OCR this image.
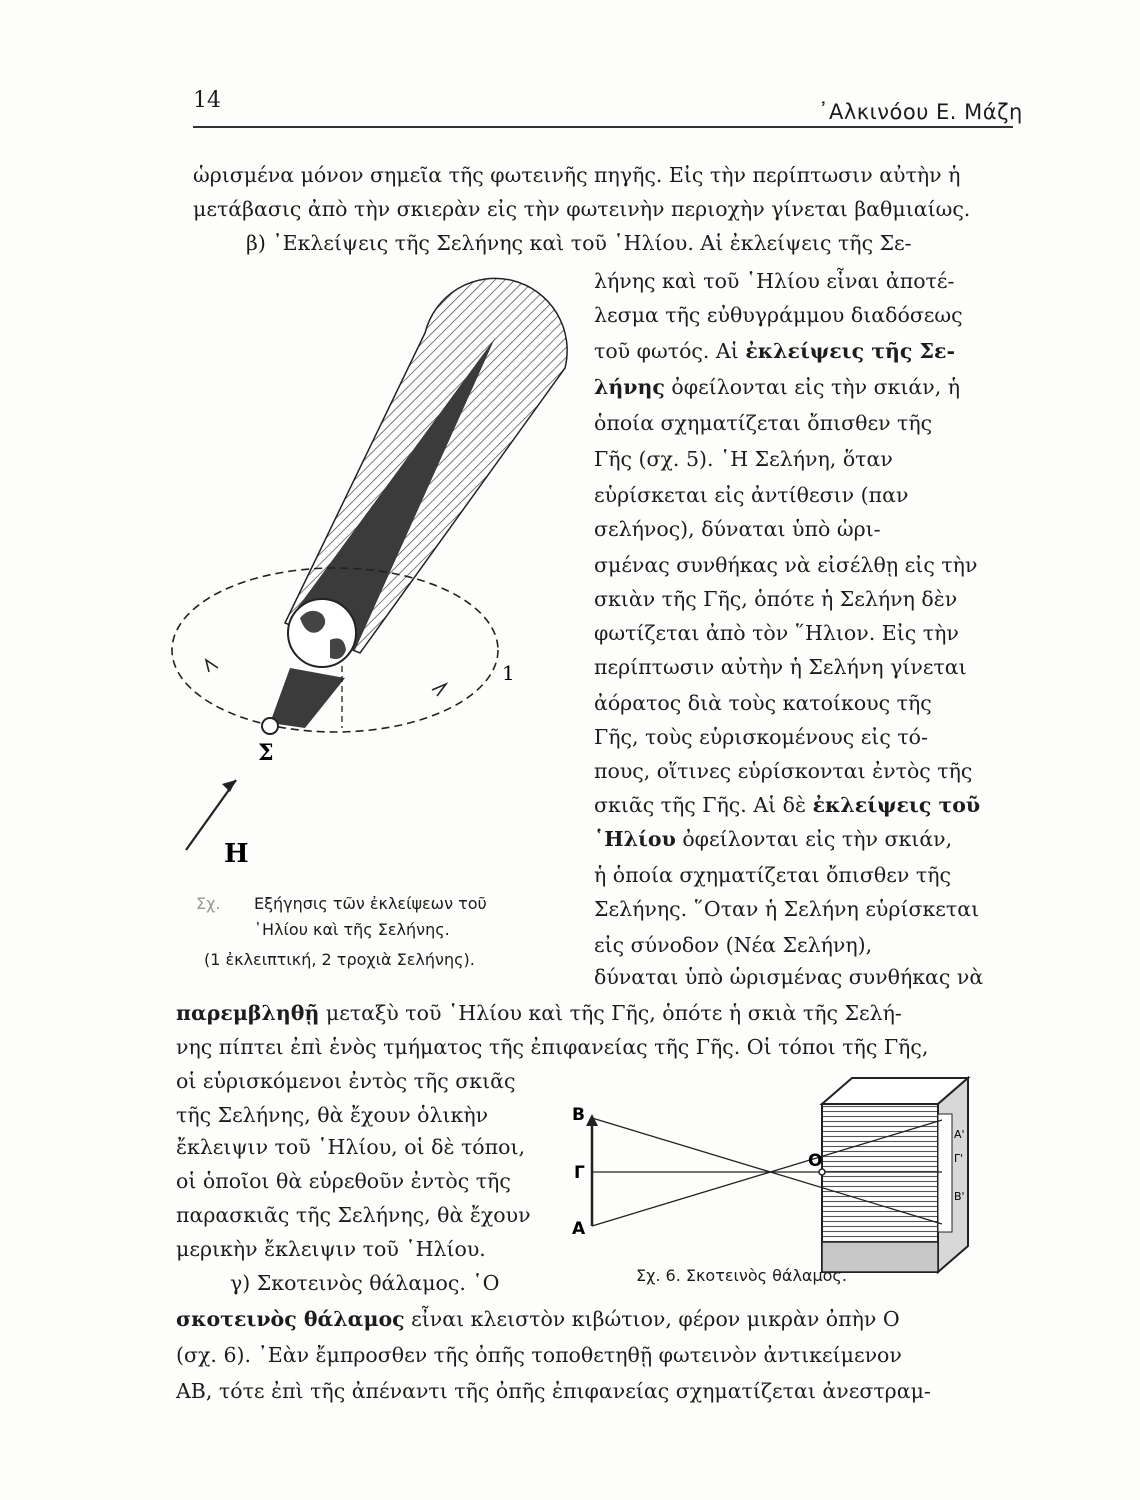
14	᾿Αλκινόου Ε. Μάζη
ὡρισμένα μόνον σημεῖα τῆς φωτεινῆς πηγῆς. Εἰς τὴν περίπτωσιν αὐτὴν ἡ
μετάβασις ἀπὸ τὴν σκιερὰν εἰς τὴν φωτεινὴν περιοχὴν γίνεται βαθμιαίως.
β) ᾿Εκλείψεις τῆς Σελήνης καὶ τοῦ ῾Ηλίου. Αἱ ἐκλείψεις τῆς Σε-
λήνης καὶ τοῦ ῾Ηλίου εἶναι ἀποτέ-
λεσμα τῆς εὐθυγράμμου διαδόσεως
τοῦ φωτός. Αἱ ἐκλείψεις τῆς Σε-
λήνης ὀφείλονται εἰς τὴν σκιάν, ἡ
ὁποία σχηματίζεται ὄπισθεν τῆς
Γῆς (σχ. 5). ῾Η Σελήνη, ὅταν
εὑρίσκεται εἰς ἀντίθεσιν (παν
σελήνος), δύναται ὑπὸ ὡρι-
σμένας συνθήκας νὰ εἰσέλθῃ εἰς τὴν
σκιὰν τῆς Γῆς, ὁπότε ἡ Σελήνη δὲν
φωτίζεται ἀπὸ τὸν ῞Ηλιον. Εἰς τὴν
περίπτωσιν αὐτὴν ἡ Σελήνη γίνεται
ἀόρατος διὰ τοὺς κατοίκους τῆς
Γῆς, τοὺς εὑρισκομένους εἰς τό-
πους, οἵτινες εὑρίσκονται ἐντὸς τῆς
σκιᾶς τῆς Γῆς. Αἱ δὲ ἐκλείψεις τοῦ
῾Ηλίου ὀφείλονται εἰς τὴν σκιάν,
ἡ ὁποία σχηματίζεται ὄπισθεν τῆς
Σελήνης. ῞Οταν ἡ Σελήνη εὑρίσκεται
εἰς σύνοδον (Νέα Σελήνη),
δύναται ὑπὸ ὡρισμένας συνθήκας νὰ
παρεμβληθῇ μεταξὺ τοῦ ῾Ηλίου καὶ τῆς Γῆς, ὁπότε ἡ σκιὰ τῆς Σελή-
νης πίπτει ἐπὶ ἑνὸς τμήματος τῆς ἐπιφανείας τῆς Γῆς. Οἱ τόποι τῆς Γῆς,
οἱ εὑρισκόμενοι ἐντὸς τῆς σκιᾶς
τῆς Σελήνης, θὰ ἔχουν ὁλικὴν
ἔκλειψιν τοῦ ῾Ηλίου, οἱ δὲ τόποι,
οἱ ὁποῖοι θὰ εὑρεθοῦν ἐντὸς τῆς
παρασκιᾶς τῆς Σελήνης, θὰ ἔχουν
μερικὴν ἔκλειψιν τοῦ ῾Ηλίου.
γ) Σκοτεινὸς θάλαμος. ῾Ο
σκοτεινὸς θάλαμος εἶναι κλειστὸν κιβώτιον, φέρον μικρὰν ὀπὴν Ο
(σχ. 6). ᾿Εὰν ἔμπροσθεν τῆς ὀπῆς τοποθετηθῇ φωτεινὸν ἀντικείμενον
ΑΒ, τότε ἐπὶ τῆς ἀπέναντι τῆς ὀπῆς ἐπιφανείας σχηματίζεται ἀνεστραμ-
Σ
Η
1
Σχ. Εξήγησις τῶν ἐκλείψεων τοῦ
῾Ηλίου καὶ τῆς Σελήνης.
(1 ἐκλειπτική, 2 τροχιὰ Σελήνης).
Β
Γ
Α
Ο
Α'
Γ'
Β'
Σχ. 6. Σκοτεινὸς θάλαμος.
